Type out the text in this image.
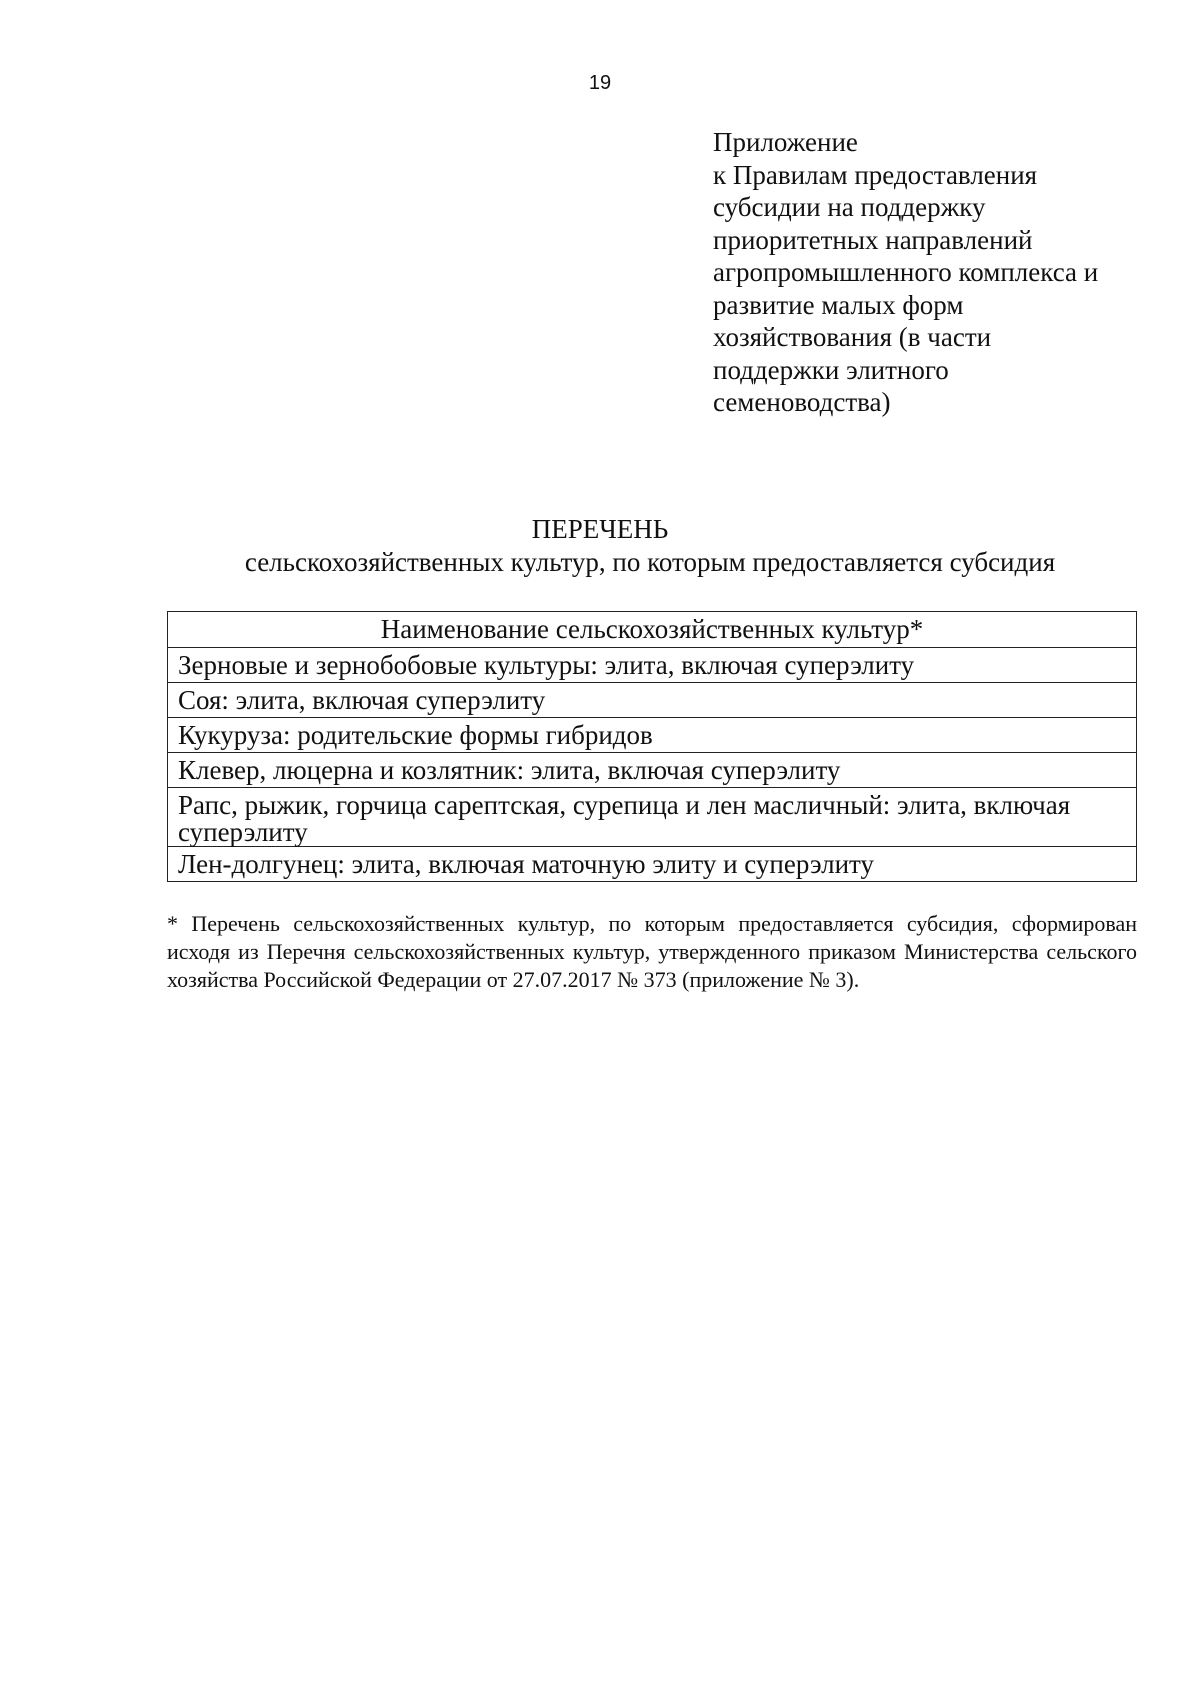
19
Приложение
к Правилам предоставления
субсидии на поддержку
приоритетных направлений
агропромышленного комплекса и
развитие малых форм
хозяйствования (в части
поддержки элитного
семеноводства)
ПЕРЕЧЕНЬ
сельскохозяйственных культур, по которым предоставляется субсидия
Наименование сельскохозяйственных культур*
Зерновые и зернобобовые культуры: элита, включая суперэлиту
Соя: элита, включая суперэлиту
Кукуруза: родительские формы гибридов
Клевер, люцерна и козлятник: элита, включая суперэлиту
Рапс, рыжик, горчица сарептская, сурепица и лен масличный: элита, включая суперэлиту
Лен-долгунец: элита, включая маточную элиту и суперэлиту

* Перечень сельскохозяйственных культур, по которым предоставляется субсидия, сформирован исходя из Перечня сельскохозяйственных культур, утвержденного приказом Министерства сельского хозяйства Российской Федерации от 27.07.2017 № 373 (приложение № 3).
